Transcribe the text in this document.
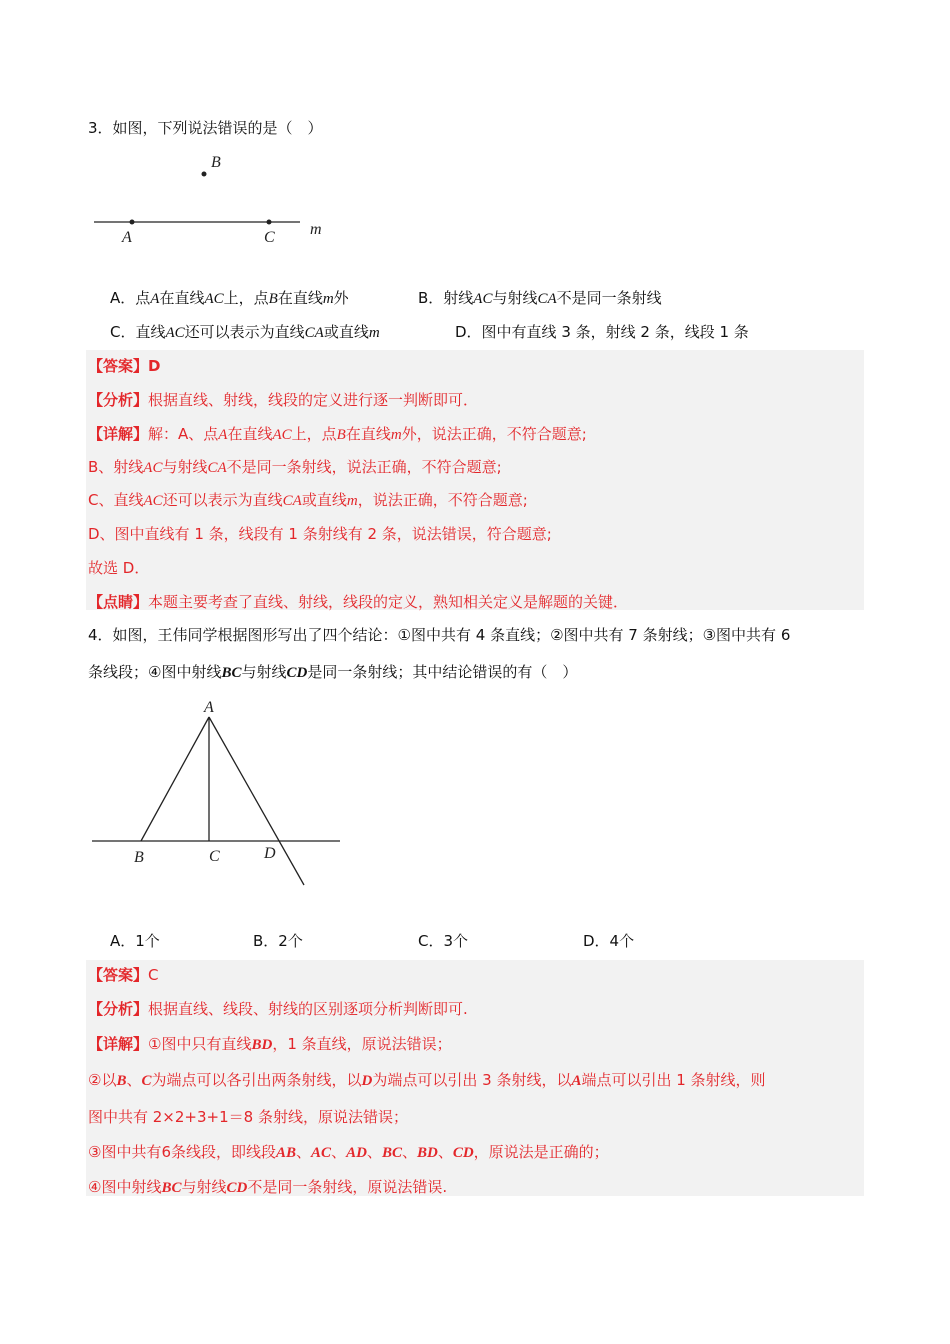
3．如图，下列说法错误的是（　）
B
A	C m
A．点A在直线AC上，点B在直线m外	B．射线AC与射线CA不是同一条射线
C．直线AC还可以表示为直线CA或直线m	D．图中有直线 3 条，射线 2 条，线段 1 条
【答案】D
【分析】根据直线、射线，线段的定义进行逐一判断即可．
【详解】解：A、点A在直线AC上，点B在直线m外，说法正确，不符合题意;
B、射线AC与射线CA不是同一条射线，说法正确，不符合题意;
C、直线AC还可以表示为直线CA或直线m，说法正确，不符合题意;
D、图中直线有 1 条，线段有 1 条射线有 2 条，说法错误，符合题意;
故选 D．
【点睛】本题主要考查了直线、射线，线段的定义，熟知相关定义是解题的关键．
4．如图，王伟同学根据图形写出了四个结论：①图中共有 4 条直线；②图中共有 7 条射线；③图中共有 6
条线段；④图中射线BC与射线CD是同一条射线；其中结论错误的有（　）
A
B	C	D
A．1个	B．2个	C．3个	D．4个
【答案】C
【分析】根据直线、线段、射线的区别逐项分析判断即可.
【详解】①图中只有直线BD，1 条直线，原说法错误；
②以B、C为端点可以各引出两条射线，以D为端点可以引出 3 条射线，以A端点可以引出 1 条射线，则
图中共有 2×2+3+1＝8 条射线，原说法错误；
③图中共有6条线段，即线段AB、AC、AD、BC、BD、CD，原说法是正确的；
④图中射线BC与射线CD不是同一条射线，原说法错误.
